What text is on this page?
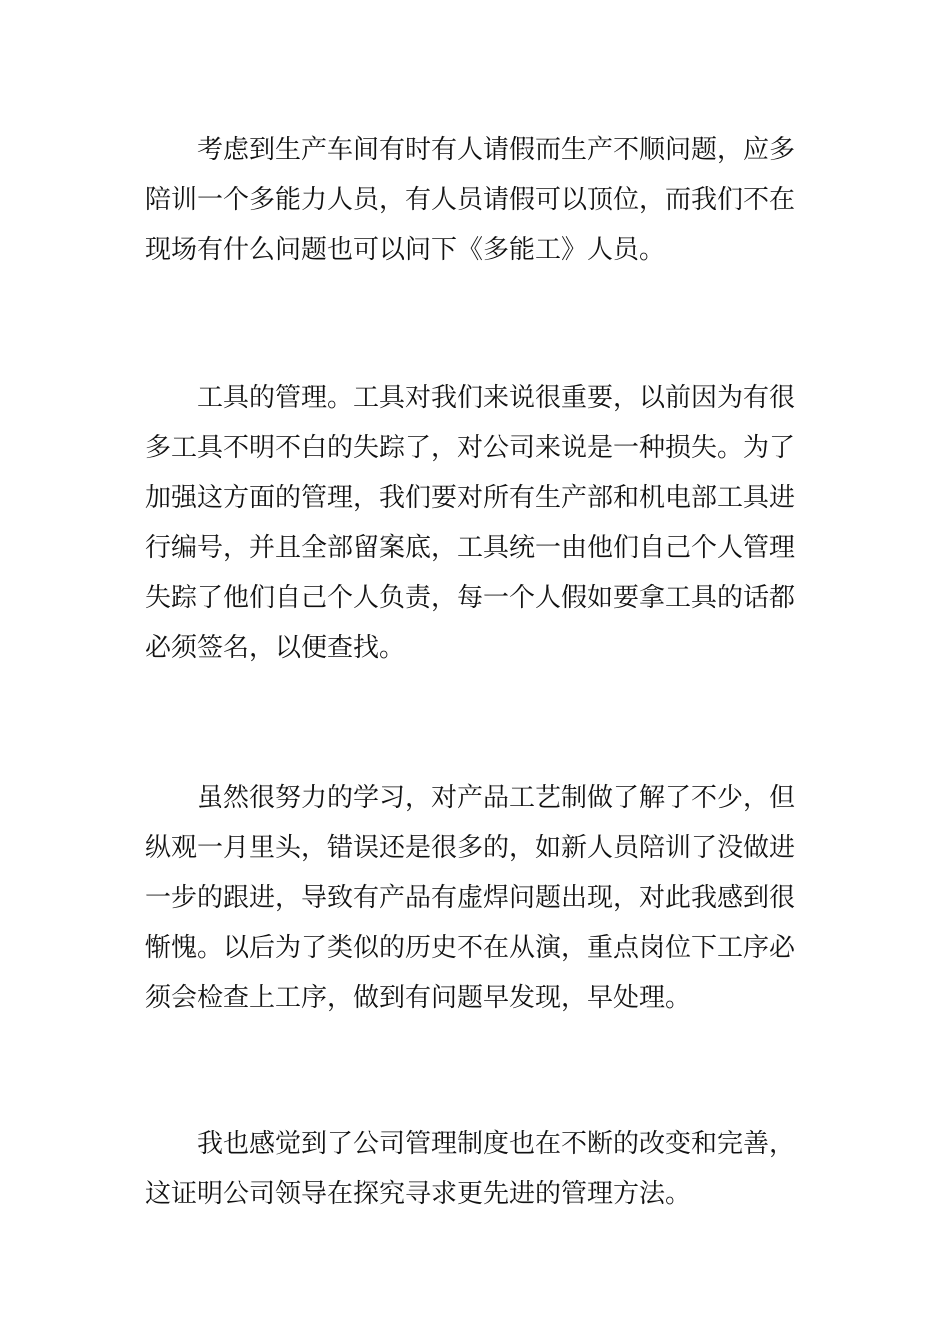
考虑到生产车间有时有人请假而生产不顺问题，应多
陪训一个多能力人员，有人员请假可以顶位，而我们不在
现场有什么问题也可以问下《多能工》人员。
工具的管理。工具对我们来说很重要，以前因为有很
多工具不明不白的失踪了，对公司来说是一种损失。为了
加强这方面的管理，我们要对所有生产部和机电部工具进
行编号，并且全部留案底，工具统一由他们自己个人管理
失踪了他们自己个人负责，每一个人假如要拿工具的话都
必须签名，以便查找。
虽然很努力的学习，对产品工艺制做了解了不少，但
纵观一月里头，错误还是很多的，如新人员陪训了没做进
一步的跟进，导致有产品有虚焊问题出现，对此我感到很
惭愧。以后为了类似的历史不在从演，重点岗位下工序必
须会检查上工序，做到有问题早发现，早处理。
我也感觉到了公司管理制度也在不断的改变和完善，
这证明公司领导在探究寻求更先进的管理方法。
